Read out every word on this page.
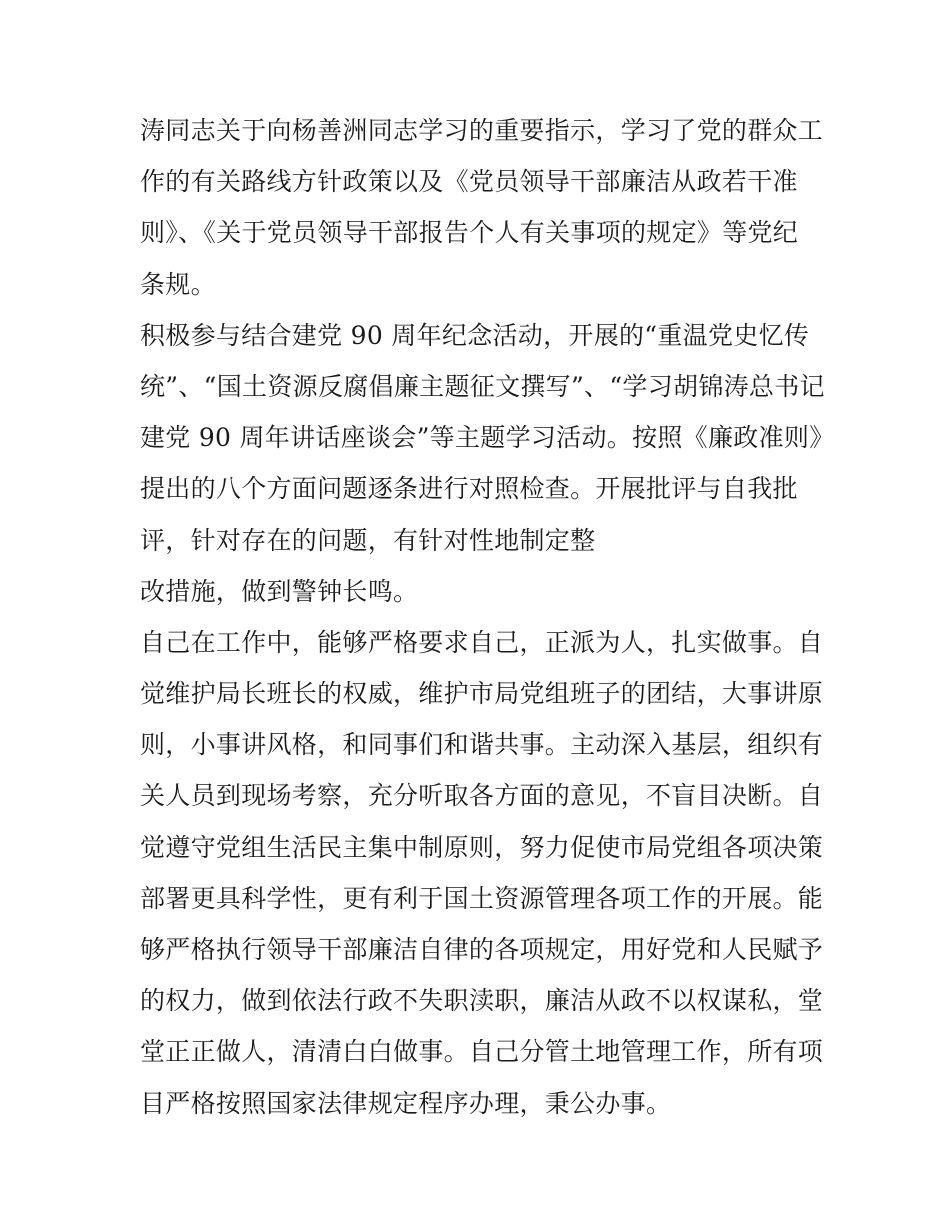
涛同志关于向杨善洲同志学习的重要指示，学习了党的群众工
作的有关路线方针政策以及《党员领导干部廉洁从政若干准
则》、《关于党员领导干部报告个人有关事项的规定》等党纪
条规。
积极参与结合建党 90 周年纪念活动，开展的“重温党史忆传
统”、“国土资源反腐倡廉主题征文撰写”、“学习胡锦涛总书记
建党 90 周年讲话座谈会”等主题学习活动。按照《廉政准则》
提出的八个方面问题逐条进行对照检查。开展批评与自我批
评，针对存在的问题，有针对性地制定整
改措施，做到警钟长鸣。
自己在工作中，能够严格要求自己，正派为人，扎实做事。自
觉维护局长班长的权威，维护市局党组班子的团结，大事讲原
则，小事讲风格，和同事们和谐共事。主动深入基层，组织有
关人员到现场考察，充分听取各方面的意见，不盲目决断。自
觉遵守党组生活民主集中制原则，努力促使市局党组各项决策
部署更具科学性，更有利于国土资源管理各项工作的开展。能
够严格执行领导干部廉洁自律的各项规定，用好党和人民赋予
的权力，做到依法行政不失职渎职，廉洁从政不以权谋私，堂
堂正正做人，清清白白做事。自己分管土地管理工作，所有项
目严格按照国家法律规定程序办理，秉公办事。
